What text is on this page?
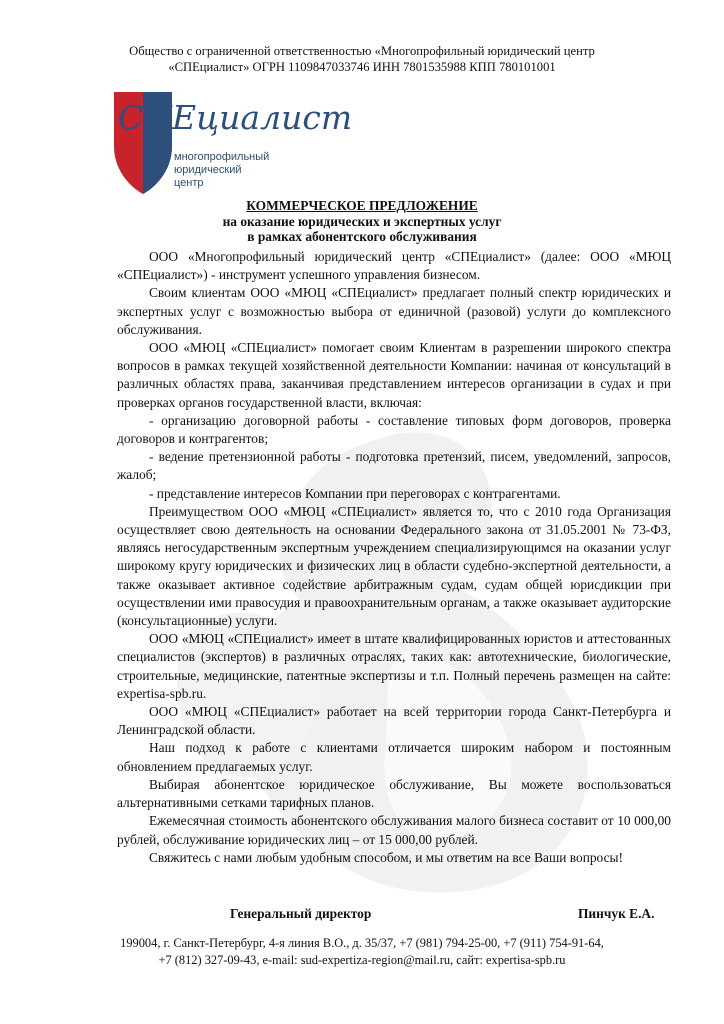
Общество с ограниченной ответственностью «Многопрофильный юридический центр
«СПЕциалист» ОГРН 1109847033746 ИНН 7801535988 КПП 780101001
СПЕциалист
многопрофильный
юридический
центр
КОММЕРЧЕСКОЕ ПРЕДЛОЖЕНИЕ
на оказание юридических и экспертных услуг
в рамках абонентского обслуживания

ООО «Многопрофильный юридический центр «СПЕциалист» (далее: ООО «МЮЦ «СПЕциалист») - инструмент успешного управления бизнесом.

Своим клиентам ООО «МЮЦ «СПЕциалист» предлагает полный спектр юридических и экспертных услуг с возможностью выбора от единичной (разовой) услуги до комплексного обслуживания.

ООО «МЮЦ «СПЕциалист» помогает своим Клиентам в разрешении широкого спектра вопросов в рамках текущей хозяйственной деятельности Компании: начиная от консультаций в различных областях права, заканчивая представлением интересов организации в судах и при проверках органов государственной власти, включая:

- организацию договорной работы - составление типовых форм договоров, проверка договоров и контрагентов;

- ведение претензионной работы - подготовка претензий, писем, уведомлений, запросов, жалоб;

- представление интересов Компании при переговорах с контрагентами.

Преимуществом ООО «МЮЦ «СПЕциалист» является то, что с 2010 года Организация осуществляет свою деятельность на основании Федерального закона от 31.05.2001 № 73-ФЗ, являясь негосударственным экспертным учреждением специализирующимся на оказании услуг широкому кругу юридических и физических лиц в области судебно-экспертной деятельности, а также оказывает активное содействие арбитражным судам, судам общей юрисдикции при осуществлении ими правосудия и правоохранительным органам, а также оказывает аудиторские (консультационные) услуги.

ООО «МЮЦ «СПЕциалист» имеет в штате квалифицированных юристов и аттестованных специалистов (экспертов) в различных отраслях, таких как: автотехнические, биологические, строительные, медицинские, патентные экспертизы и т.п. Полный перечень размещен на сайте: expertisa-spb.ru.

ООО «МЮЦ «СПЕциалист» работает на всей территории города Санкт-Петербурга и Ленинградской области.

Наш подход к работе с клиентами отличается широким набором и постоянным обновлением предлагаемых услуг.

Выбирая абонентское юридическое обслуживание, Вы можете воспользоваться альтернативными сетками тарифных планов.

Ежемесячная стоимость абонентского обслуживания малого бизнеса составит от 10 000,00 рублей, обслуживание юридических лиц – от 15 000,00 рублей.

Свяжитесь с нами любым удобным способом, и мы ответим на все Ваши вопросы!

Генеральный директор	Пинчук Е.А.
199004, г. Санкт-Петербург, 4-я линия В.О., д. 35/37, +7 (981) 794-25-00, +7 (911) 754-91-64,
+7 (812) 327-09-43, e-mail: sud-expertiza-region@mail.ru, сайт: expertisa-spb.ru
